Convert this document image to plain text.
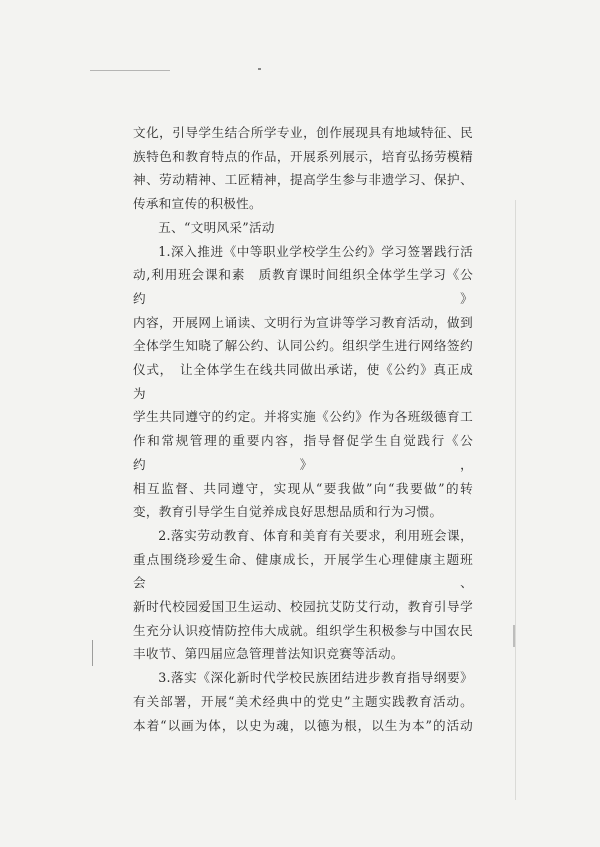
文化，引导学生结合所学专业，创作展现具有地域特征、民

族特色和教育特点的作品，开展系列展示，培育弘扬劳模精

神、劳动精神、工匠精神，提高学生参与非遗学习、保护、

传承和宣传的积极性。

五、“文明风采”活动

1.深入推进《中等职业学校学生公约》学习签署践行活

动,利用班会课和素　质教育课时间组织全体学生学习《公约》

内容，开展网上诵读、文明行为宣讲等学习教育活动，做到

全体学生知晓了解公约、认同公约。组织学生进行网络签约

仪式，　让全体学生在线共同做出承诺，使《公约》真正成为

学生共同遵守的约定。并将实施《公约》作为各班级德育工

作和常规管理的重要内容，指导督促学生自觉践行《公约》，

相互监督、共同遵守，实现从“要我做”向“我要做”的转

变，教育引导学生自觉养成良好思想品质和行为习惯。

2.落实劳动教育、体育和美育有关要求，利用班会课，

重点围绕珍爱生命、健康成长，开展学生心理健康主题班会、

新时代校园爱国卫生运动、校园抗艾防艾行动，教育引导学

生充分认识疫情防控伟大成就。组织学生积极参与中国农民

丰收节、第四届应急管理普法知识竞赛等活动。

3.落实《深化新时代学校民族团结进步教育指导纲要》

有关部署，开展“美术经典中的党史”主题实践教育活动。

本着“以画为体，以史为魂，以德为根，以生为本”的活动
